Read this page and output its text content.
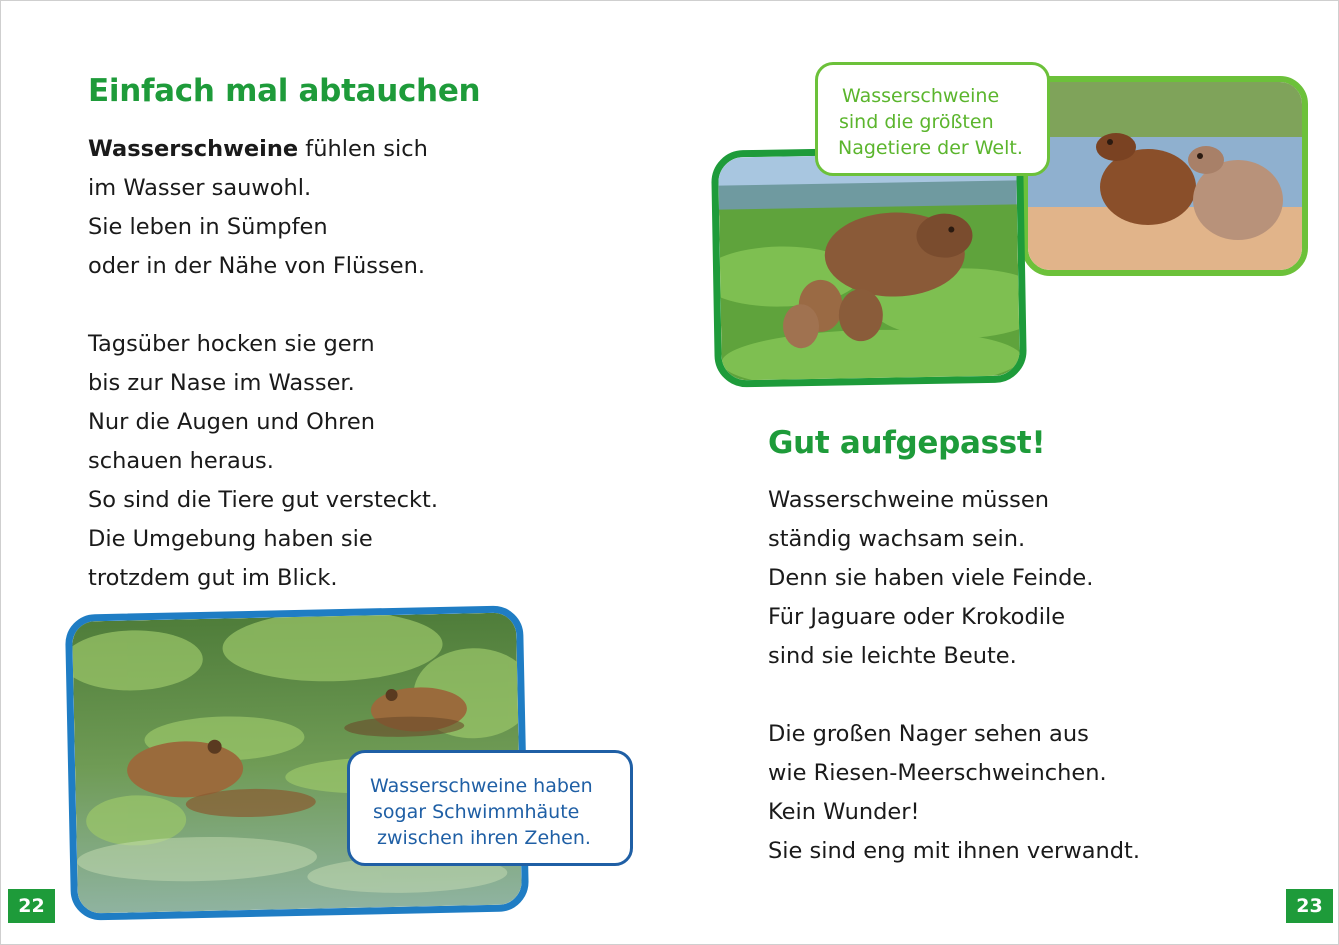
Einfach mal abtauchen
Wasserschweine fühlen sich
im Wasser sauwohl.
Sie leben in Sümpfen
oder in der Nähe von Flüssen.
Tagsüber hocken sie gern
bis zur Nase im Wasser.
Nur die Augen und Ohren
schauen heraus.
So sind die Tiere gut versteckt.
Die Umgebung haben sie
trotzdem gut im Blick.
Wasserschweine haben
sogar Schwimmhäute
zwischen ihren Zehen.
22
Wasserschweine
sind die größten
Nagetiere der Welt.
Gut aufgepasst!
Wasserschweine müssen
ständig wachsam sein.
Denn sie haben viele Feinde.
Für Jaguare oder Krokodile
sind sie leichte Beute.
Die großen Nager sehen aus
wie Riesen-Meerschweinchen.
Kein Wunder!
Sie sind eng mit ihnen verwandt.
23
